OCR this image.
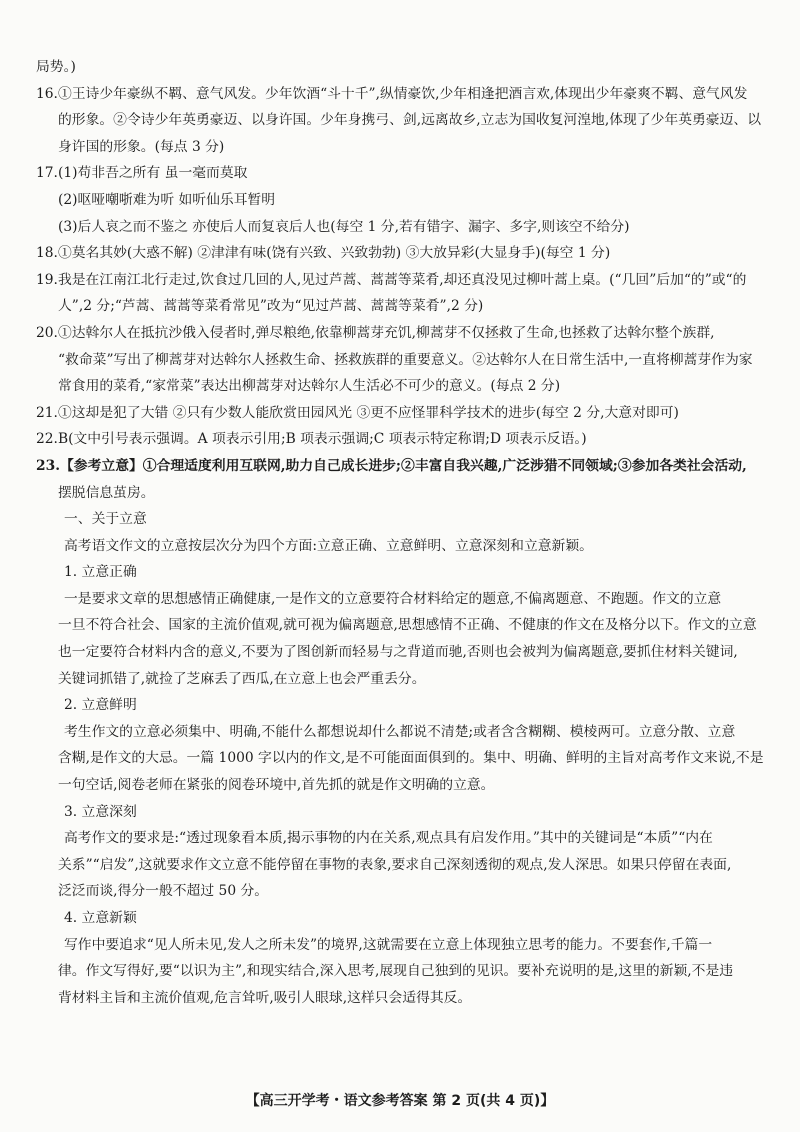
局势。)
16.①王诗少年豪纵不羁、意气风发。少年饮酒“斗十千”,纵情豪饮,少年相逢把酒言欢,体现出少年豪爽不羁、意气风发
的形象。②令诗少年英勇豪迈、以身许国。少年身携弓、剑,远离故乡,立志为国收复河湟地,体现了少年英勇豪迈、以
身许国的形象。(每点 3 分)
17.(1)苟非吾之所有 虽一毫而莫取
(2)呕哑嘲哳难为听 如听仙乐耳暂明
(3)后人哀之而不鉴之 亦使后人而复哀后人也(每空 1 分,若有错字、漏字、多字,则该空不给分)
18.①莫名其妙(大惑不解) ②津津有味(饶有兴致、兴致勃勃) ③大放异彩(大显身手)(每空 1 分)
19.我是在江南江北行走过,饮食过几回的人,见过芦蒿、蒿蒿等菜肴,却还真没见过柳叶蒿上桌。(“几回”后加“的”或“的
人”,2 分;“芦蒿、蒿蒿等菜肴常见”改为“见过芦蒿、蒿蒿等菜肴”,2 分)
20.①达斡尔人在抵抗沙俄入侵者时,弹尽粮绝,依靠柳蒿芽充饥,柳蒿芽不仅拯救了生命,也拯救了达斡尔整个族群,
“救命菜”写出了柳蒿芽对达斡尔人拯救生命、拯救族群的重要意义。②达斡尔人在日常生活中,一直将柳蒿芽作为家
常食用的菜肴,“家常菜”表达出柳蒿芽对达斡尔人生活必不可少的意义。(每点 2 分)
21.①这却是犯了大错 ②只有少数人能欣赏田园风光 ③更不应怪罪科学技术的进步(每空 2 分,大意对即可)
22.B(文中引号表示强调。A 项表示引用;B 项表示强调;C 项表示特定称谓;D 项表示反语。)
23.【参考立意】①合理适度利用互联网,助力自己成长进步;②丰富自我兴趣,广泛涉猎不同领域;③参加各类社会活动,
摆脱信息茧房。
一、关于立意
高考语文作文的立意按层次分为四个方面:立意正确、立意鲜明、立意深刻和立意新颖。
1. 立意正确
一是要求文章的思想感情正确健康,一是作文的立意要符合材料给定的题意,不偏离题意、不跑题。作文的立意
一旦不符合社会、国家的主流价值观,就可视为偏离题意,思想感情不正确、不健康的作文在及格分以下。作文的立意
也一定要符合材料内含的意义,不要为了图创新而轻易与之背道而驰,否则也会被判为偏离题意,要抓住材料关键词,
关键词抓错了,就捡了芝麻丢了西瓜,在立意上也会严重丢分。
2. 立意鲜明
考生作文的立意必须集中、明确,不能什么都想说却什么都说不清楚;或者含含糊糊、模棱两可。立意分散、立意
含糊,是作文的大忌。一篇 1000 字以内的作文,是不可能面面俱到的。集中、明确、鲜明的主旨对高考作文来说,不是
一句空话,阅卷老师在紧张的阅卷环境中,首先抓的就是作文明确的立意。
3. 立意深刻
高考作文的要求是:“透过现象看本质,揭示事物的内在关系,观点具有启发作用。”其中的关键词是“本质”“内在
关系”“启发”,这就要求作文立意不能停留在事物的表象,要求自己深刻透彻的观点,发人深思。如果只停留在表面,
泛泛而谈,得分一般不超过 50 分。
4. 立意新颖
写作中要追求“见人所未见,发人之所未发”的境界,这就需要在立意上体现独立思考的能力。不要套作,千篇一
律。作文写得好,要“以识为主”,和现实结合,深入思考,展现自己独到的见识。要补充说明的是,这里的新颖,不是违
背材料主旨和主流价值观,危言耸听,吸引人眼球,这样只会适得其反。
【高三开学考・语文参考答案 第 2 页(共 4 页)】
